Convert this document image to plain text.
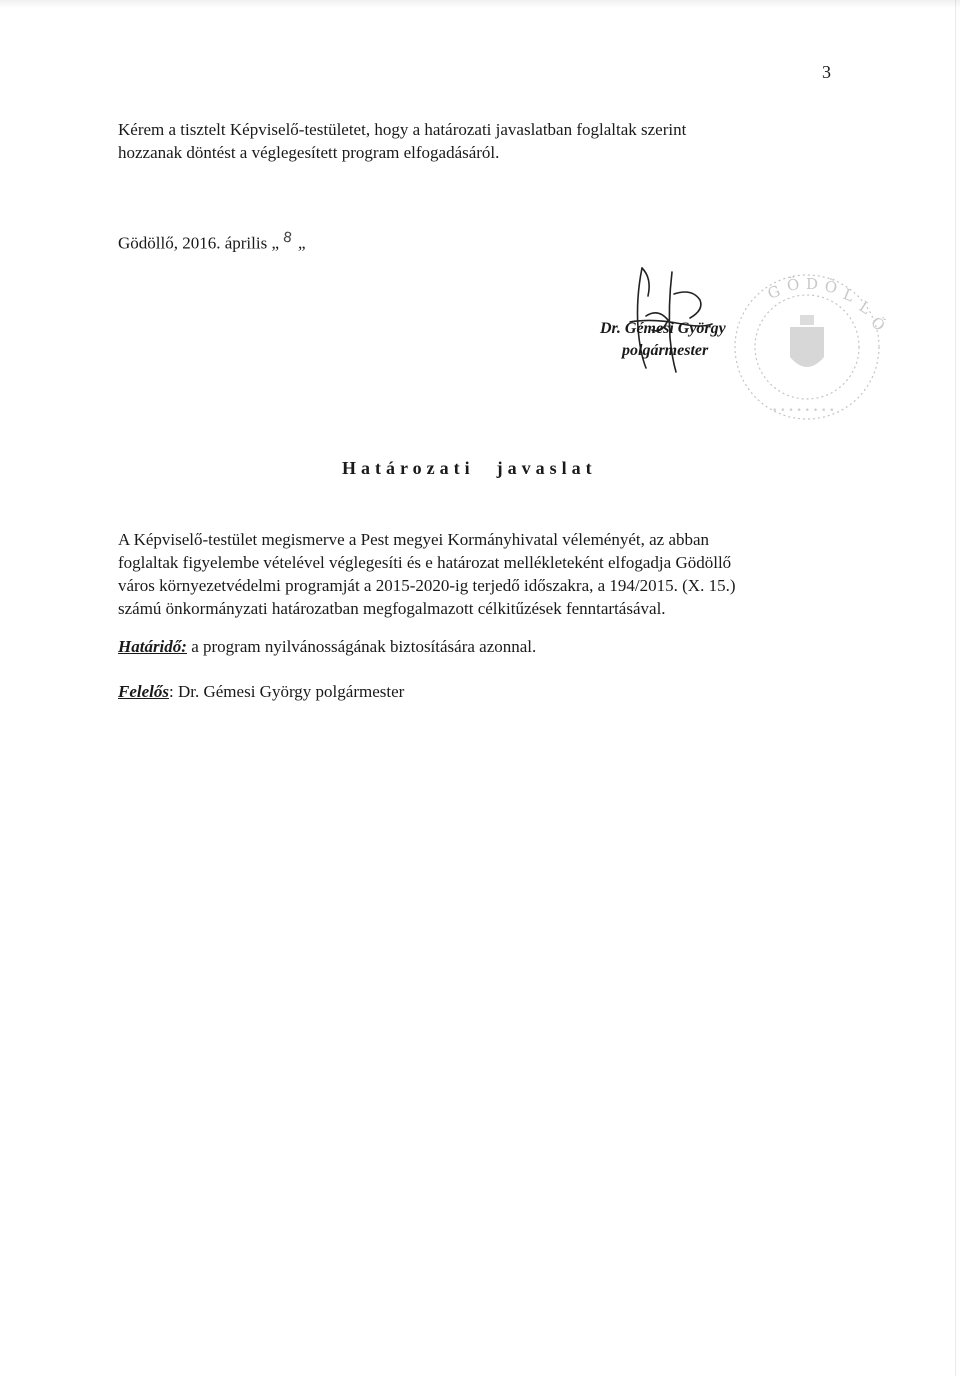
3
Kérem a tisztelt Képviselő-testületet, hogy a határozati javaslatban foglaltak szerint
hozzanak döntést a véglegesített program elfogadásáról.
Gödöllő, 2016. április „ 8 „
G Ö D Ö L
L
Ő
• • • • • • • •
Dr. Gémesi György
polgármester
Határozati javaslat
A Képviselő-testület megismerve a Pest megyei Kormányhivatal véleményét, az abban
foglaltak figyelembe vételével véglegesíti és e határozat mellékleteként elfogadja Gödöllő
város környezetvédelmi programját a 2015-2020-ig terjedő időszakra, a 194/2015. (X. 15.)
számú önkormányzati határozatban megfogalmazott célkitűzések fenntartásával.
Határidő: a program nyilvánosságának biztosítására azonnal.
Felelős: Dr. Gémesi György polgármester
